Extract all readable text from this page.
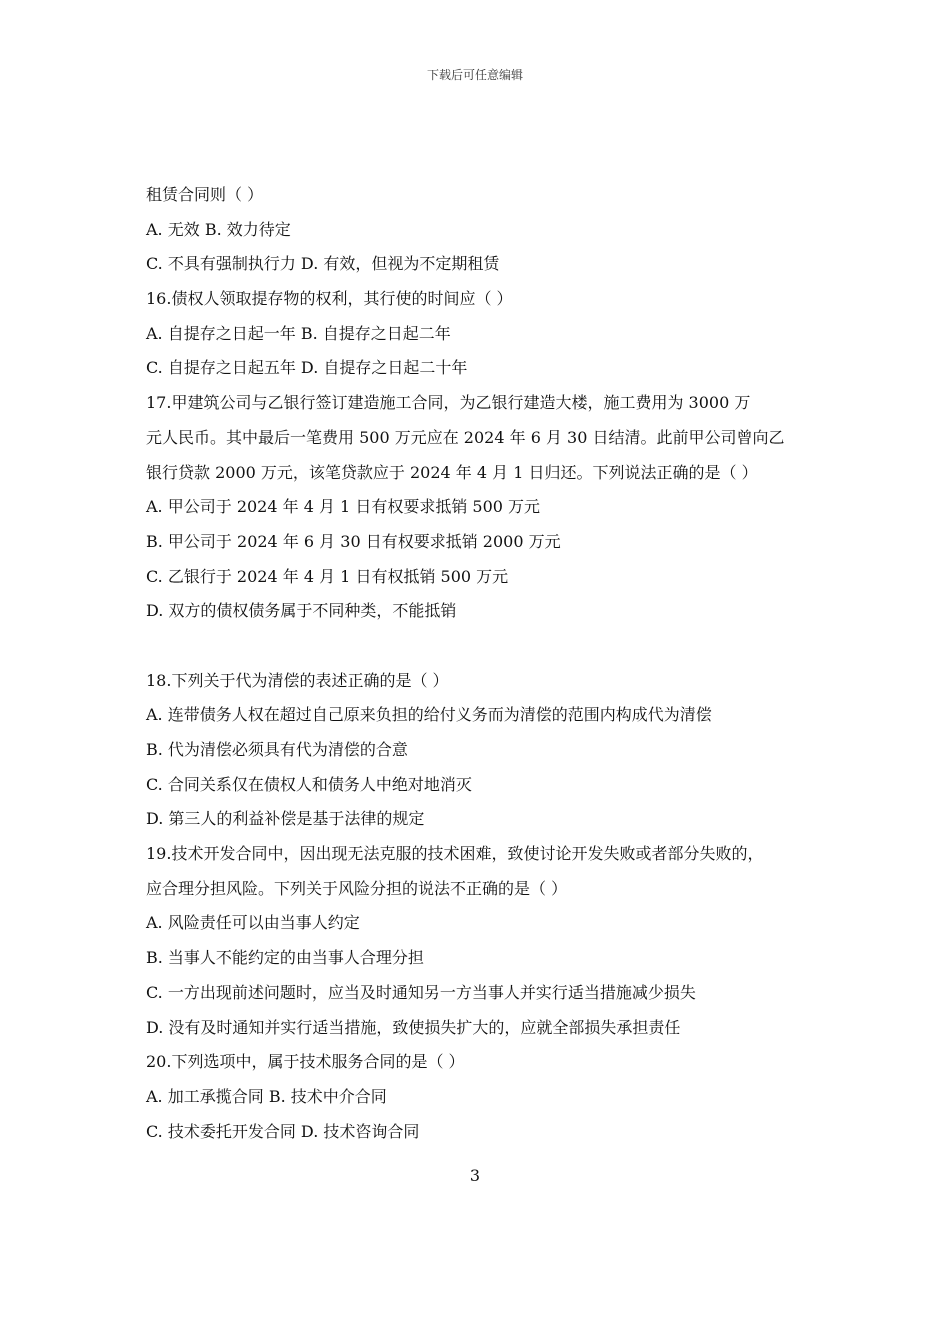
下载后可任意编辑
租赁合同则（ ）
A. 无效 B. 效力待定
C. 不具有强制执行力 D. 有效，但视为不定期租赁
16.债权人领取提存物的权利，其行使的时间应（ ）
A. 自提存之日起一年 B. 自提存之日起二年
C. 自提存之日起五年 D. 自提存之日起二十年
17.甲建筑公司与乙银行签订建造施工合同，为乙银行建造大楼，施工费用为 3000 万
元人民币。其中最后一笔费用 500 万元应在 2024 年 6 月 30 日结清。此前甲公司曾向乙
银行贷款 2000 万元，该笔贷款应于 2024 年 4 月 1 日归还。下列说法正确的是（ ）
A. 甲公司于 2024 年 4 月 1 日有权要求抵销 500 万元
B. 甲公司于 2024 年 6 月 30 日有权要求抵销 2000 万元
C. 乙银行于 2024 年 4 月 1 日有权抵销 500 万元
D. 双方的债权债务属于不同种类，不能抵销
18.下列关于代为清偿的表述正确的是（ ）
A. 连带债务人权在超过自己原来负担的给付义务而为清偿的范围内构成代为清偿
B. 代为清偿必须具有代为清偿的合意
C. 合同关系仅在债权人和债务人中绝对地消灭
D. 第三人的利益补偿是基于法律的规定
19.技术开发合同中，因出现无法克服的技术困难，致使讨论开发失败或者部分失败的，
应合理分担风险。下列关于风险分担的说法不正确的是（ ）
A. 风险责任可以由当事人约定
B. 当事人不能约定的由当事人合理分担
C. 一方出现前述问题时，应当及时通知另一方当事人并实行适当措施减少损失
D. 没有及时通知并实行适当措施，致使损失扩大的，应就全部损失承担责任
20.下列选项中，属于技术服务合同的是（ ）
A. 加工承揽合同 B. 技术中介合同
C. 技术委托开发合同 D. 技术咨询合同
3
